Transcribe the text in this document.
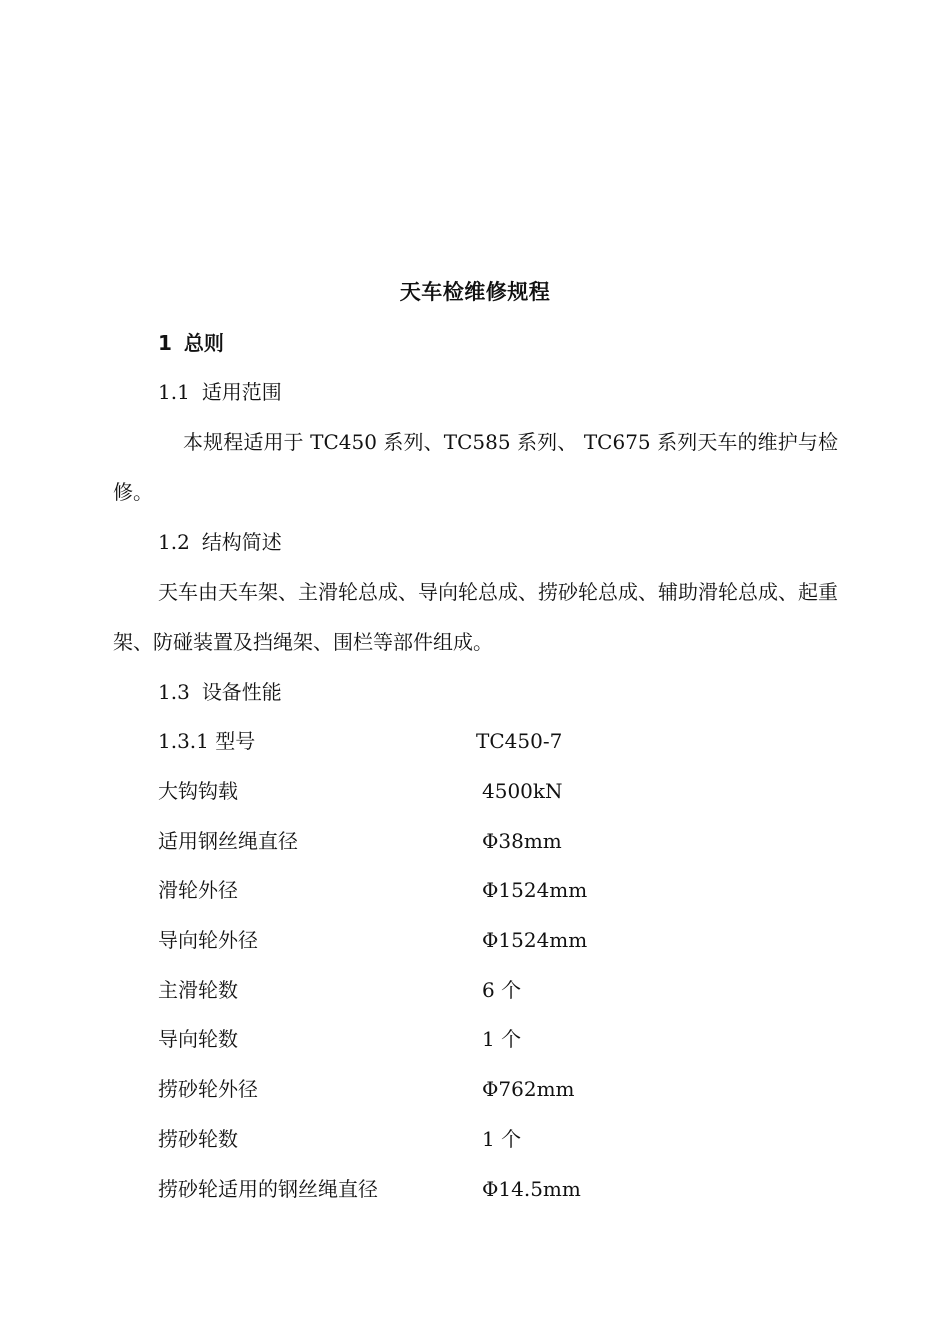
天车检维修规程
1 总则
1.1 适用范围
本规程适用于 TC450 系列、TC585 系列、 TC675 系列天车的维护与检修。
1.2 结构简述
天车由天车架、主滑轮总成、导向轮总成、捞砂轮总成、辅助滑轮总成、起重架、防碰装置及挡绳架、围栏等部件组成。
1.3 设备性能
1.3.1 型号	TC450-7
大钩钩载	4500kN
适用钢丝绳直径	Φ38mm
滑轮外径	Φ1524mm
导向轮外径	Φ1524mm
主滑轮数	6 个
导向轮数	1 个
捞砂轮外径	Φ762mm
捞砂轮数	1 个
捞砂轮适用的钢丝绳直径	Φ14.5mm
